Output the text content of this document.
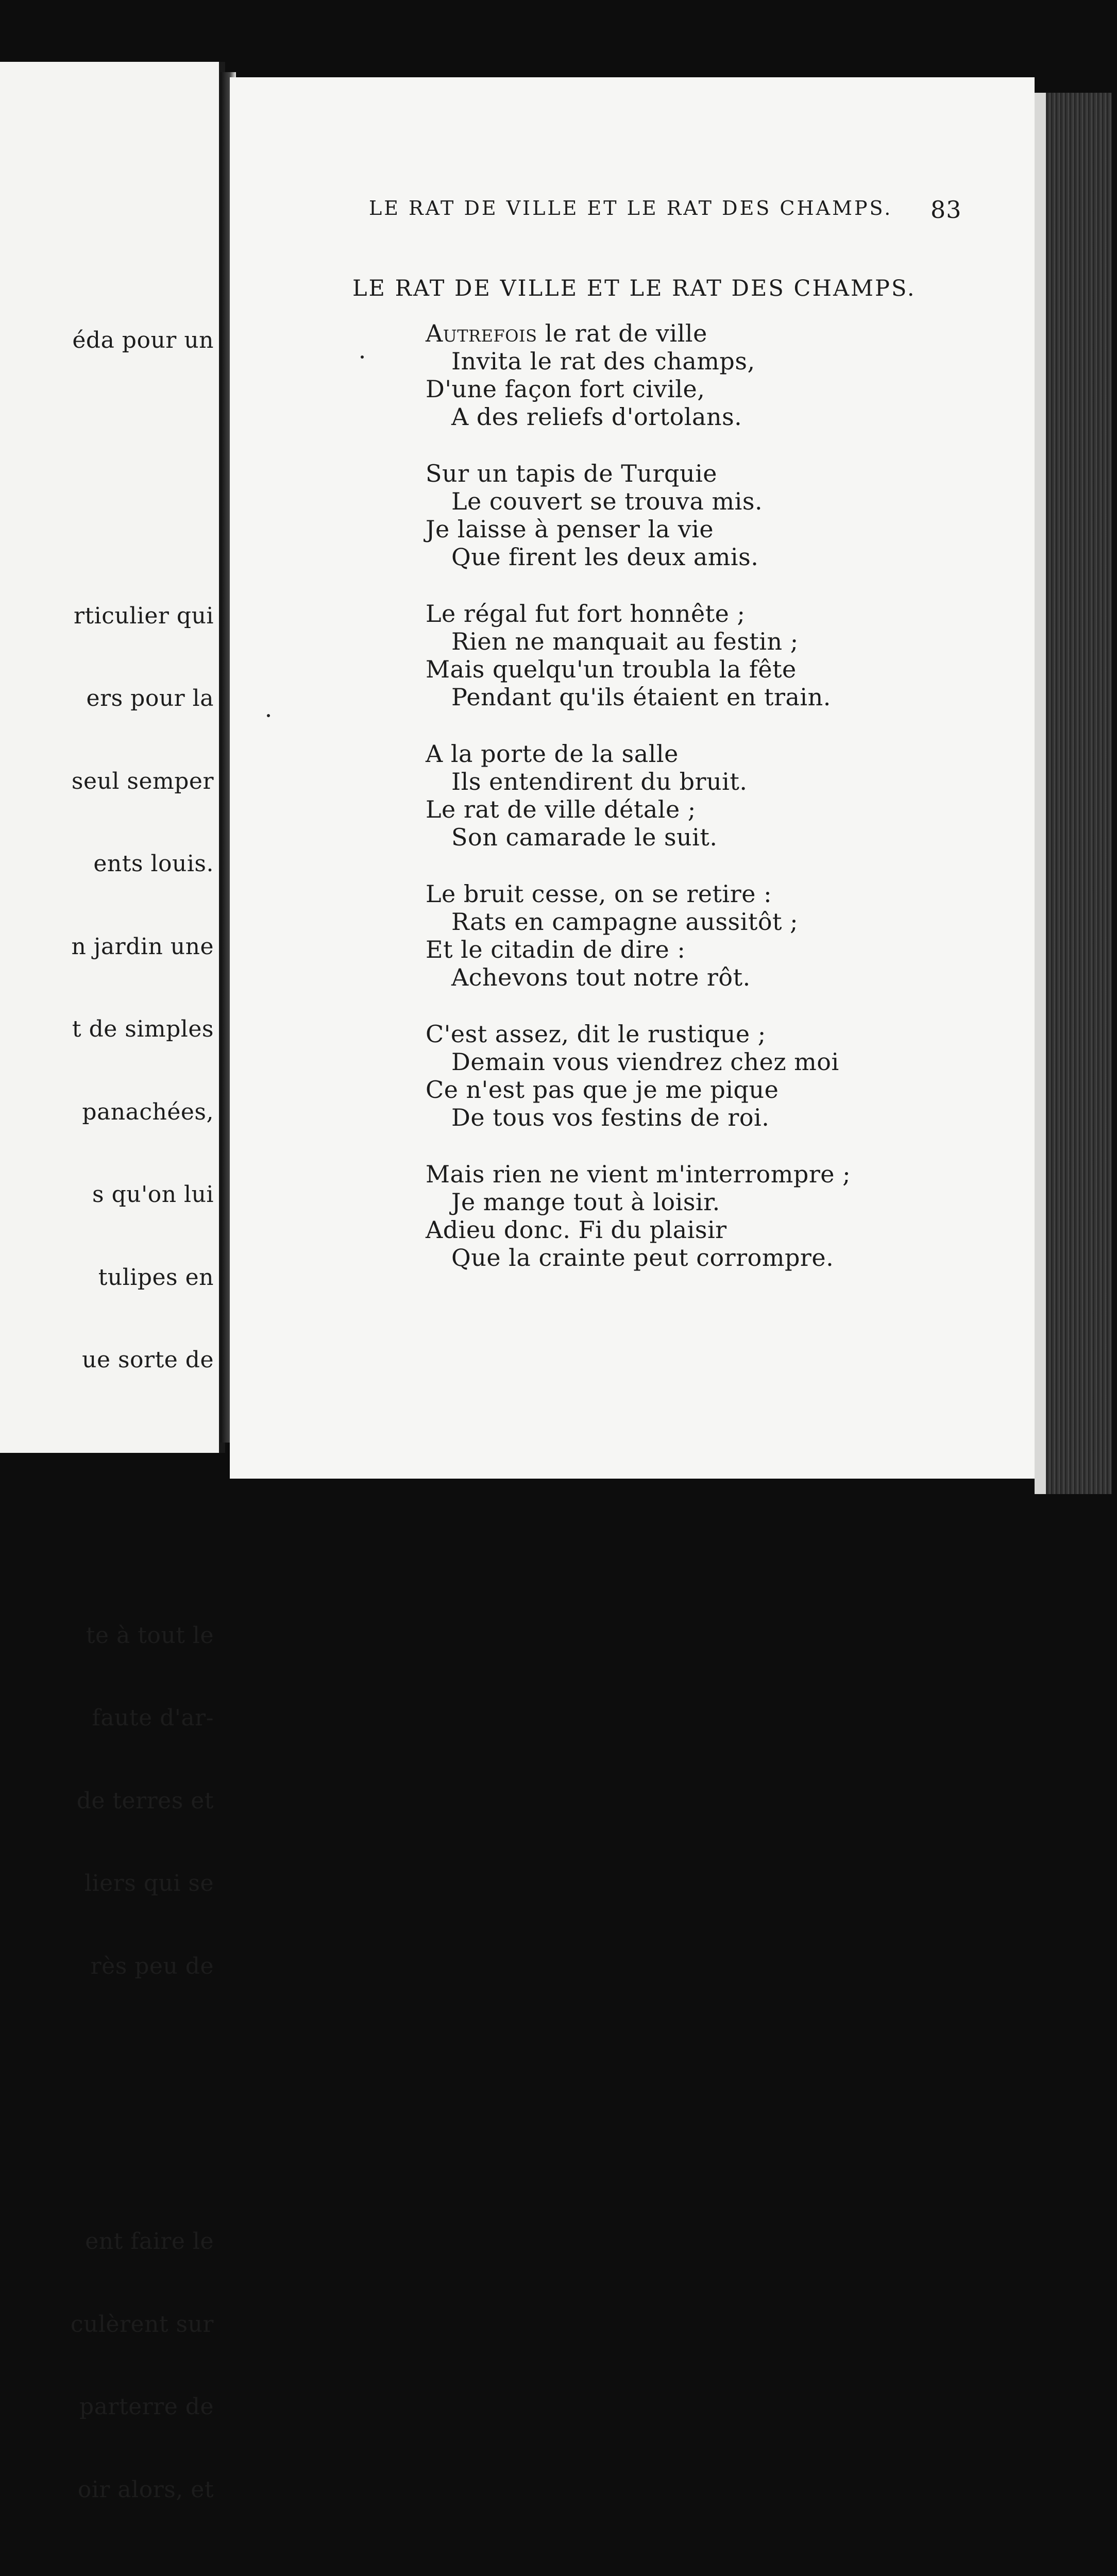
éda pour un

rticulier qui

ers pour la

seul semper

ents louis.

n jardin une

t de simples

panachées,

s qu'on lui

tulipes en

ue sorte de

te à tout le

faute d'ar-

de terres et

liers qui se

rès peu de

ent faire le

culèrent sur

parterre de

oir alors, et

LE RAT DE VILLE ET LE RAT DES CHAMPS.	83
LE RAT DE VILLE ET LE RAT DES CHAMPS.
Autrefois le rat de ville
Invita le rat des champs,
D'une façon fort civile,
A des reliefs d'ortolans.
Sur un tapis de Turquie
Le couvert se trouva mis.
Je laisse à penser la vie
Que firent les deux amis.
Le régal fut fort honnête ;
Rien ne manquait au festin ;
Mais quelqu'un troubla la fête
Pendant qu'ils étaient en train.
A la porte de la salle
Ils entendirent du bruit.
Le rat de ville détale ;
Son camarade le suit.
Le bruit cesse, on se retire :
Rats en campagne aussitôt ;
Et le citadin de dire :
Achevons tout notre rôt.
C'est assez, dit le rustique ;
Demain vous viendrez chez moi
Ce n'est pas que je me pique
De tous vos festins de roi.
Mais rien ne vient m'interrompre ;
Je mange tout à loisir.
Adieu donc. Fi du plaisir
Que la crainte peut corrompre.
